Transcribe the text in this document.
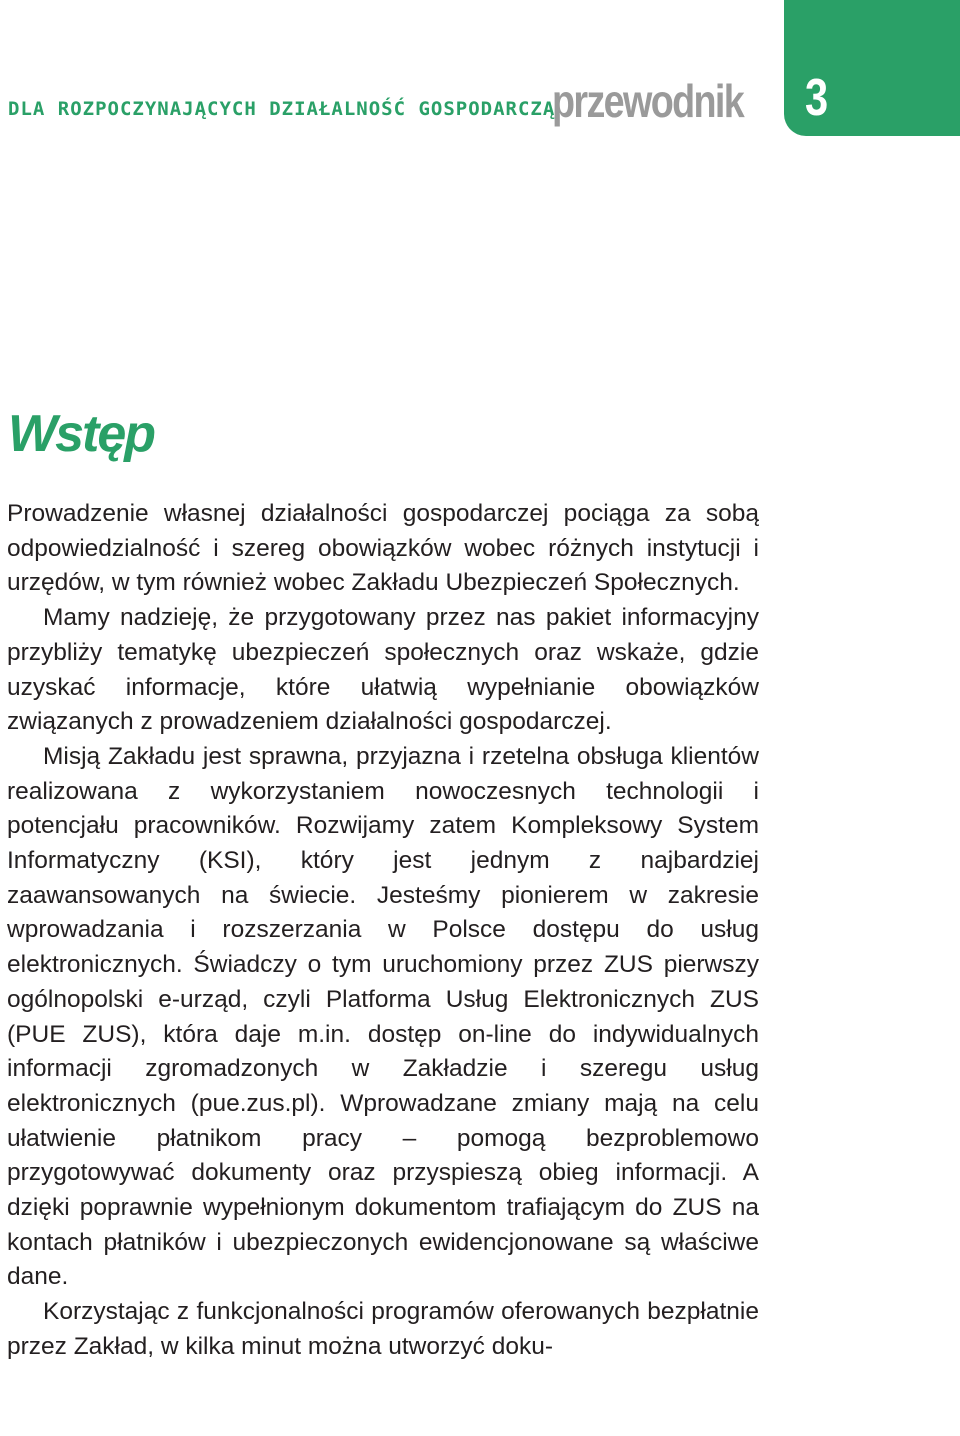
DLA ROZPOCZYNAJĄCYCH DZIAŁALNOŚĆ GOSPODARCZĄ
przewodnik 3
Wstęp

Prowadzenie własnej działalności gospodarczej pociąga za sobą odpowiedzialność i szereg obowiązków wobec różnych instytucji i urzędów, w tym również wobec Zakładu Ubezpieczeń Społecznych.

Mamy nadzieję, że przygotowany przez nas pakiet informacyjny przybliży tematykę ubezpieczeń społecznych oraz wskaże, gdzie uzyskać informacje, które ułatwią wypełnianie obowiązków związanych z prowadzeniem działalności gospodarczej.

Misją Zakładu jest sprawna, przyjazna i rzetelna obsługa klientów realizowana z wykorzystaniem nowoczesnych technologii i potencjału pracowników. Rozwijamy zatem Kompleksowy System Informatyczny (KSI), który jest jednym z najbardziej zaawansowanych na świecie. Jesteśmy pionierem w zakresie wprowadzania i rozszerzania w Polsce dostępu do usług elektronicznych. Świadczy o tym uruchomiony przez ZUS pierwszy ogólnopolski e-urząd, czyli Platforma Usług Elektronicznych ZUS (PUE ZUS), która daje m.in. dostęp on-line do indywidualnych informacji zgromadzonych w Zakładzie i szeregu usług elektronicznych (pue.zus.pl). Wprowadzane zmiany mają na celu ułatwienie płatnikom pracy – pomogą bezproblemowo przygotowywać dokumenty oraz przyspieszą obieg informacji. A dzięki poprawnie wypełnionym dokumentom trafiającym do ZUS na kontach płatników i ubezpieczonych ewidencjonowane są właściwe dane.

Korzystając z funkcjonalności programów oferowanych bezpłatnie przez Zakład, w kilka minut można utworzyć doku-
